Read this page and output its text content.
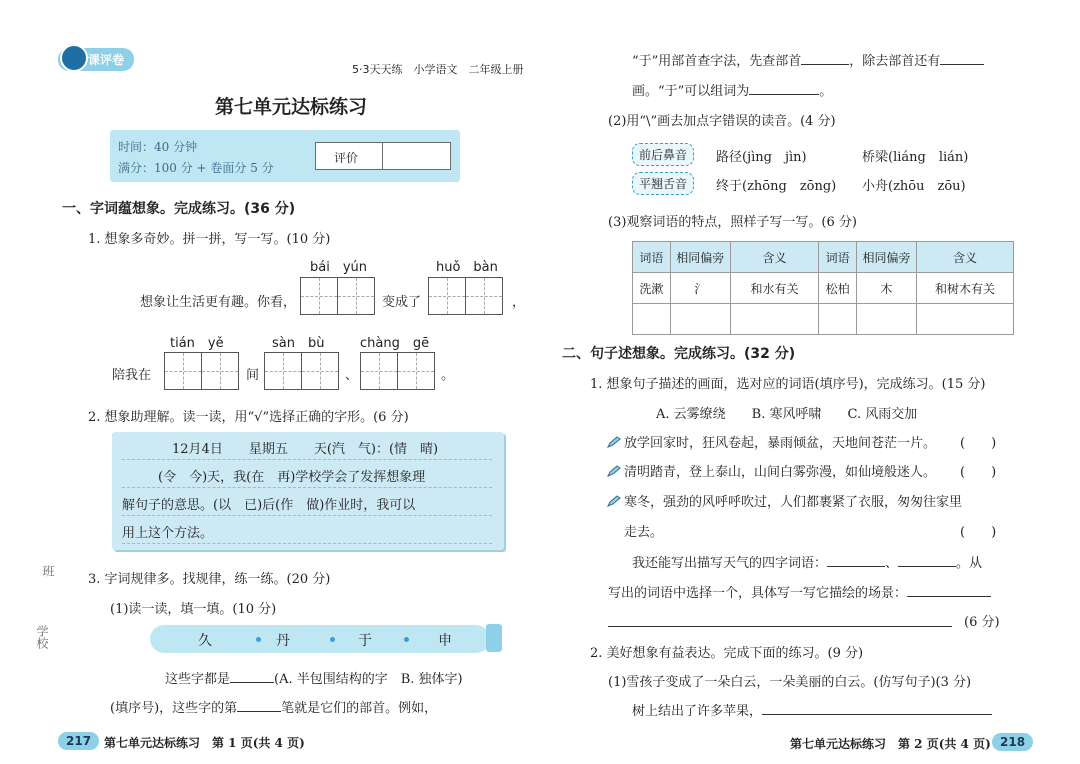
课评卷
5·3天天练　小学语文　二年级上册
第七单元达标练习
时间：40 分钟
满分：100 分 + 卷面分 5 分
评价
一、字词蕴想象。完成练习。(36 分)
1. 想象多奇妙。拼一拼，写一写。(10 分)
bái　yún	huǒ　bàn
想象让生活更有趣。你看，	变成了	，
tián　yě	sàn　bù	chàng　gē
陪我在	间	、	。
2. 想象助理解。读一读，用“√”选择正确的字形。(6 分)
12月4日　　星期五　　天(汽　气)：(情　晴)
(令　今)天，我(在　再)学校学会了发挥想象理
解句子的意思。(以　已)后(作　做)作业时，我可以
用上这个方法。
3. 字词规律多。找规律，练一练。(20 分)
(1)读一读，填一填。(10 分)
久	丹	于	申
这些字都是	(A. 半包围结构的字　B. 独体字)
(填序号)，这些字的第	笔就是它们的部首。例如，
班
学校
217	第七单元达标练习　第 1 页(共 4 页)
“于”用部首查字法，先查部首	，除去部首还有
画。“于”可以组词为	。
(2)用“\”画去加点字错误的读音。(4 分)
前后鼻音
平翘舌音
路径(jìng　jìn)	桥梁(liáng　lián)
终于(zhōng　zōng) 小舟(zhōu　zōu)
(3)观察词语的特点，照样子写一写。(6 分)
词语	相同偏旁	含义	词语	相同偏旁	含义
洗漱	氵	和水有关	松柏	木	和树木有关

二、句子述想象。完成练习。(32 分)
1. 想象句子描述的画面，选对应的词语(填序号)，完成练习。(15 分)
A. 云雾缭绕　　B. 寒风呼啸　　C. 风雨交加
放学回家时，狂风卷起，暴雨倾盆，天地间苍茫一片。 (　　)
清明踏青，登上泰山，山间白雾弥漫，如仙境般迷人。 (　　)
寒冬，强劲的风呼呼吹过，人们都裹紧了衣服，匆匆往家里
走去。	(　　)
我还能写出描写天气的四字词语：	、	。从
写出的词语中选择一个，具体写一写它描绘的场景：
(6 分)
2. 美好想象有益表达。完成下面的练习。(9 分)
(1)雪孩子变成了一朵白云，一朵美丽的白云。(仿写句子)(3 分)
树上结出了许多苹果，
第七单元达标练习　第 2 页(共 4 页) 218
